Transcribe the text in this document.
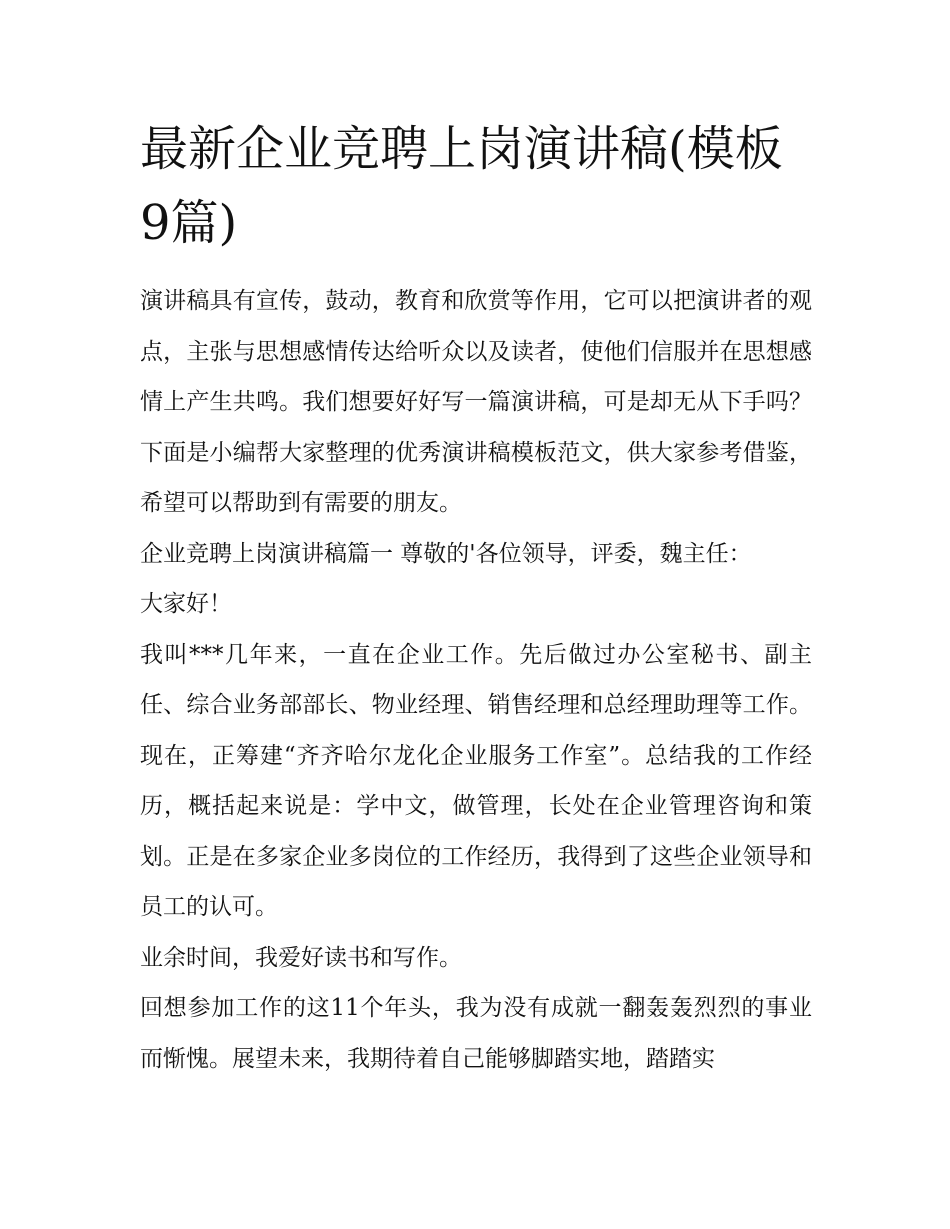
最新企业竞聘上岗演讲稿(模板9篇)

演讲稿具有宣传，鼓动，教育和欣赏等作用，它可以把演讲者的观点，主张与思想感情传达给听众以及读者，使他们信服并在思想感情上产生共鸣。我们想要好好写一篇演讲稿，可是却无从下手吗？下面是小编帮大家整理的优秀演讲稿模板范文，供大家参考借鉴，希望可以帮助到有需要的朋友。

企业竞聘上岗演讲稿篇一 尊敬的'各位领导，评委，魏主任：

大家好！

我叫***几年来，一直在企业工作。先后做过办公室秘书、副主任、综合业务部部长、物业经理、销售经理和总经理助理等工作。现在，正筹建“齐齐哈尔龙化企业服务工作室”。总结我的工作经历，概括起来说是：学中文，做管理，长处在企业管理咨询和策划。正是在多家企业多岗位的工作经历，我得到了这些企业领导和员工的认可。

业余时间，我爱好读书和写作。

回想参加工作的这11个年头，我为没有成就一翻轰轰烈烈的事业而惭愧。展望未来，我期待着自己能够脚踏实地，踏踏实
